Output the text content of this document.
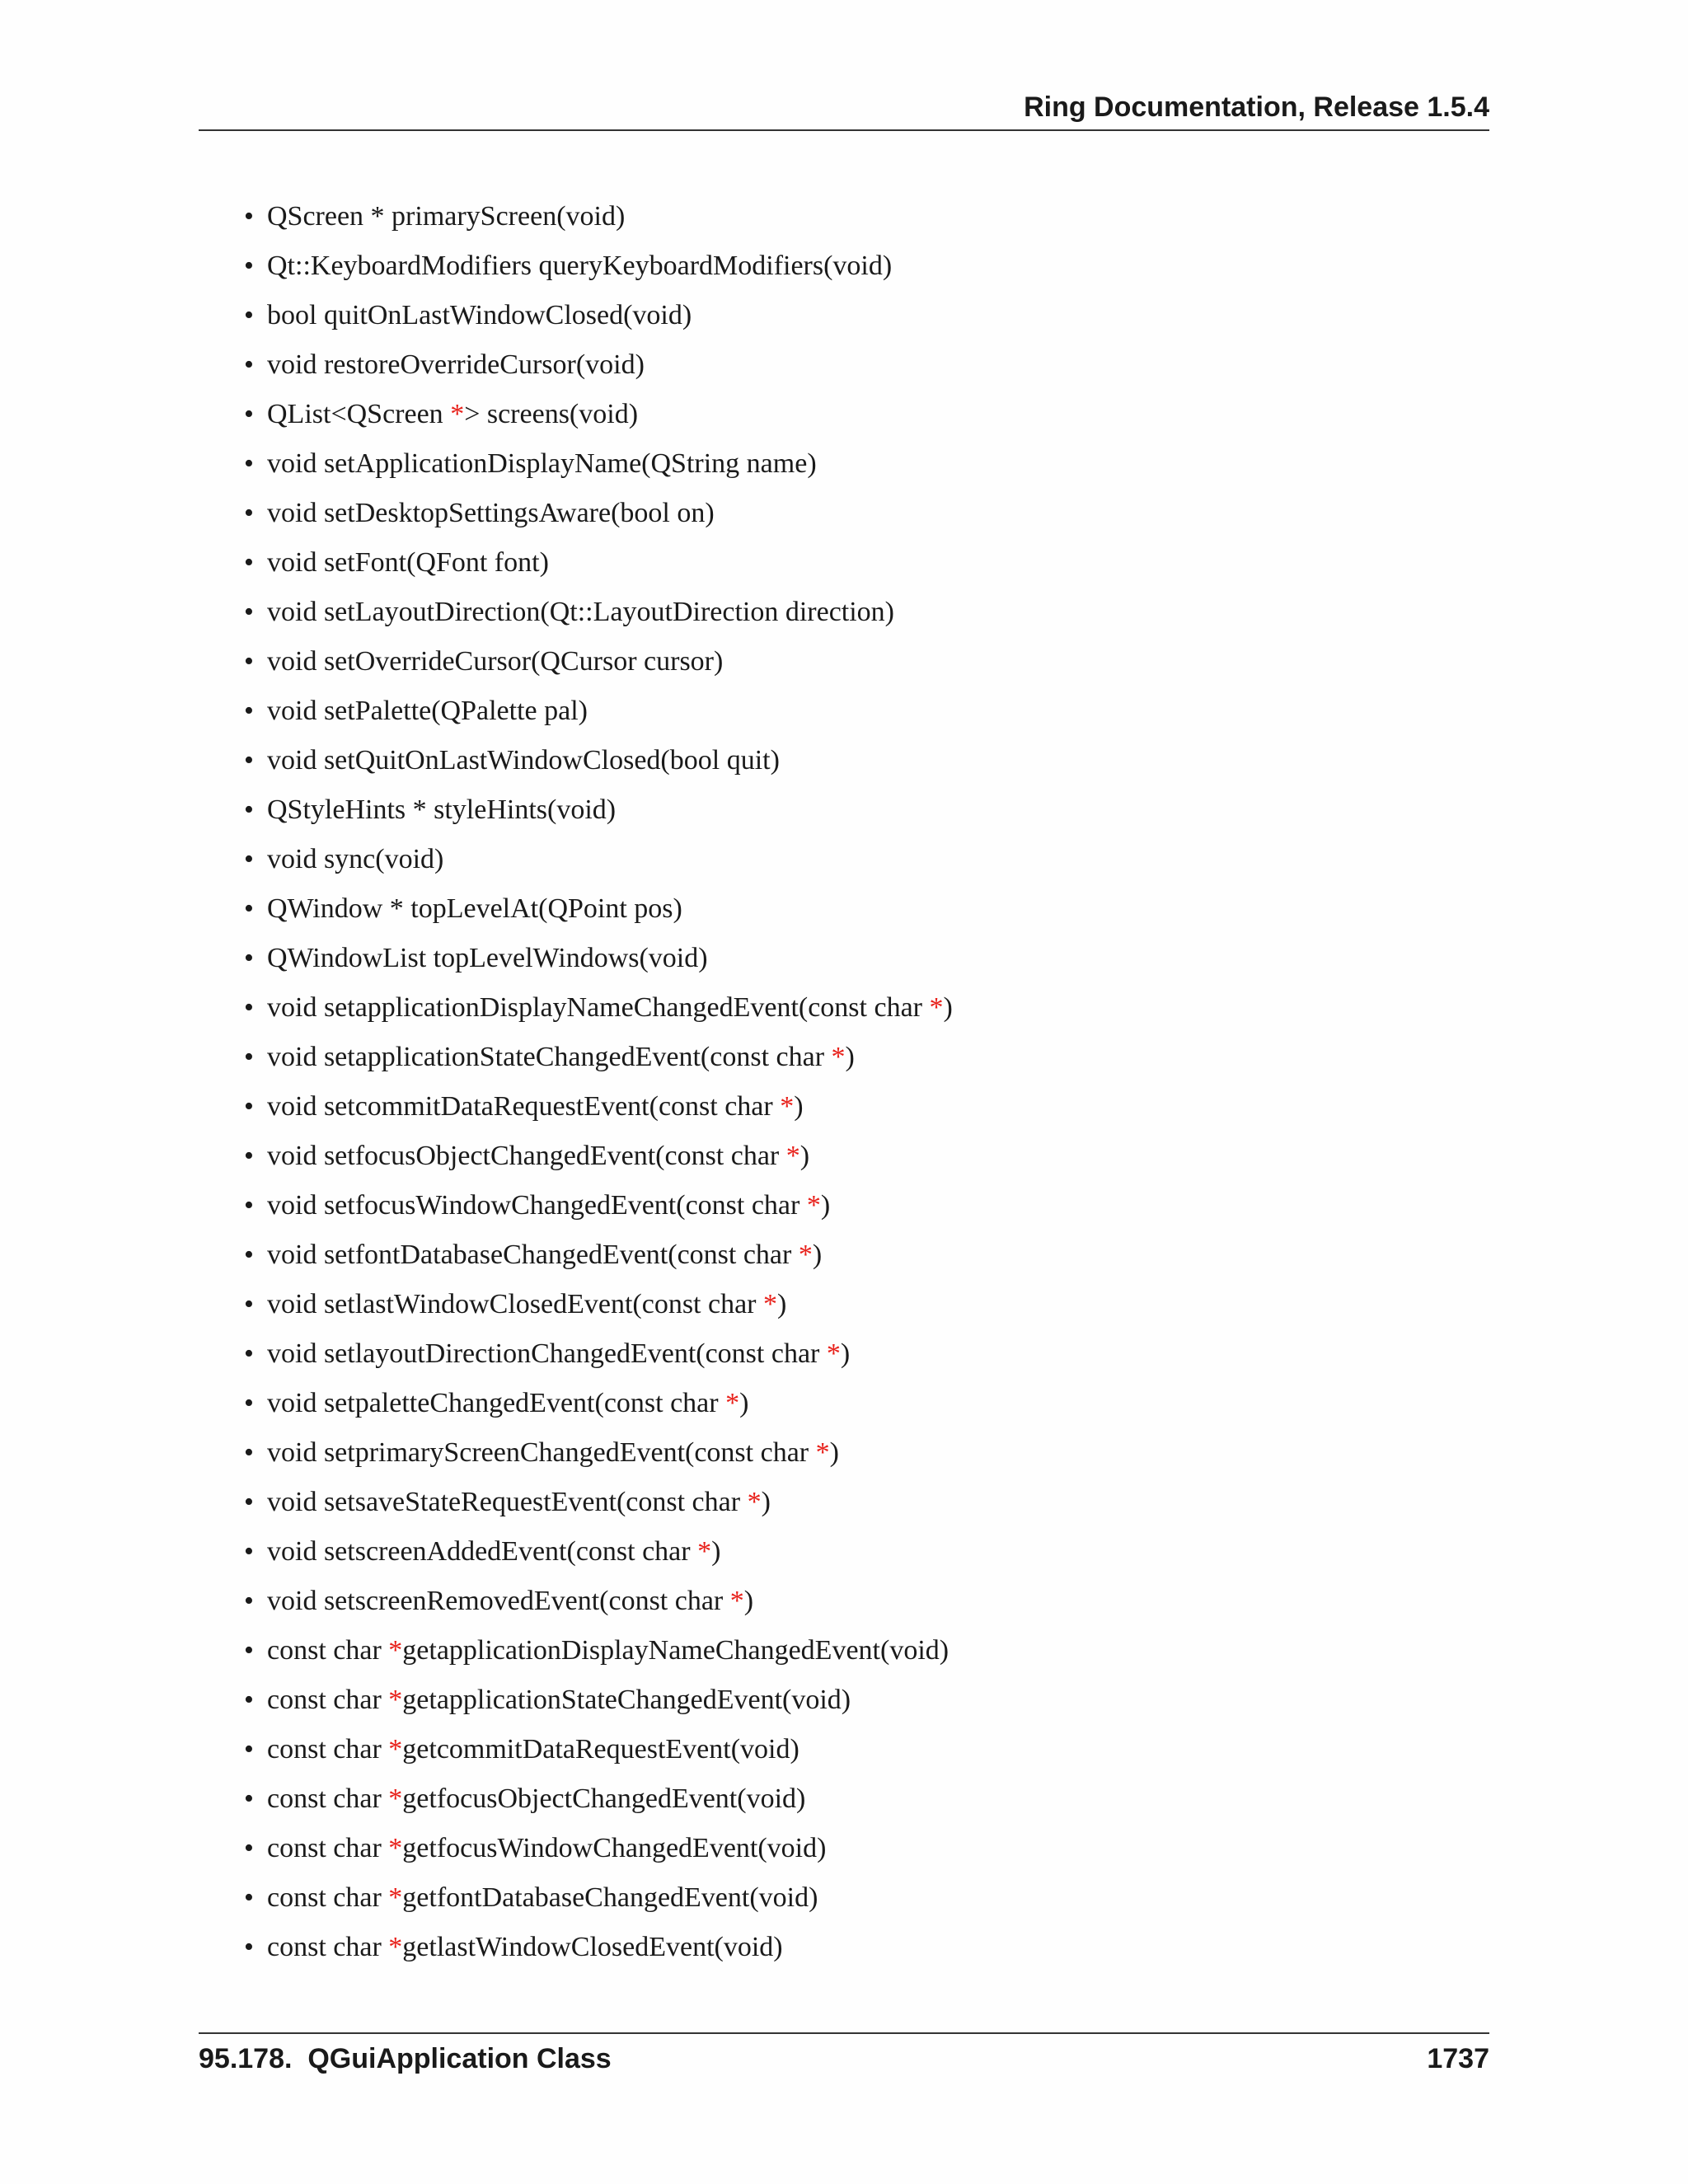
Ring Documentation, Release 1.5.4
• QScreen * primaryScreen(void)
• Qt::KeyboardModifiers queryKeyboardModifiers(void)
• bool quitOnLastWindowClosed(void)
• void restoreOverrideCursor(void)
• QList<QScreen *> screens(void)
• void setApplicationDisplayName(QString name)
• void setDesktopSettingsAware(bool on)
• void setFont(QFont font)
• void setLayoutDirection(Qt::LayoutDirection direction)
• void setOverrideCursor(QCursor cursor)
• void setPalette(QPalette pal)
• void setQuitOnLastWindowClosed(bool quit)
• QStyleHints * styleHints(void)
• void sync(void)
• QWindow * topLevelAt(QPoint pos)
• QWindowList topLevelWindows(void)
• void setapplicationDisplayNameChangedEvent(const char *)
• void setapplicationStateChangedEvent(const char *)
• void setcommitDataRequestEvent(const char *)
• void setfocusObjectChangedEvent(const char *)
• void setfocusWindowChangedEvent(const char *)
• void setfontDatabaseChangedEvent(const char *)
• void setlastWindowClosedEvent(const char *)
• void setlayoutDirectionChangedEvent(const char *)
• void setpaletteChangedEvent(const char *)
• void setprimaryScreenChangedEvent(const char *)
• void setsaveStateRequestEvent(const char *)
• void setscreenAddedEvent(const char *)
• void setscreenRemovedEvent(const char *)
• const char *getapplicationDisplayNameChangedEvent(void)
• const char *getapplicationStateChangedEvent(void)
• const char *getcommitDataRequestEvent(void)
• const char *getfocusObjectChangedEvent(void)
• const char *getfocusWindowChangedEvent(void)
• const char *getfontDatabaseChangedEvent(void)
• const char *getlastWindowClosedEvent(void)
95.178.  QGuiApplication Class	1737
